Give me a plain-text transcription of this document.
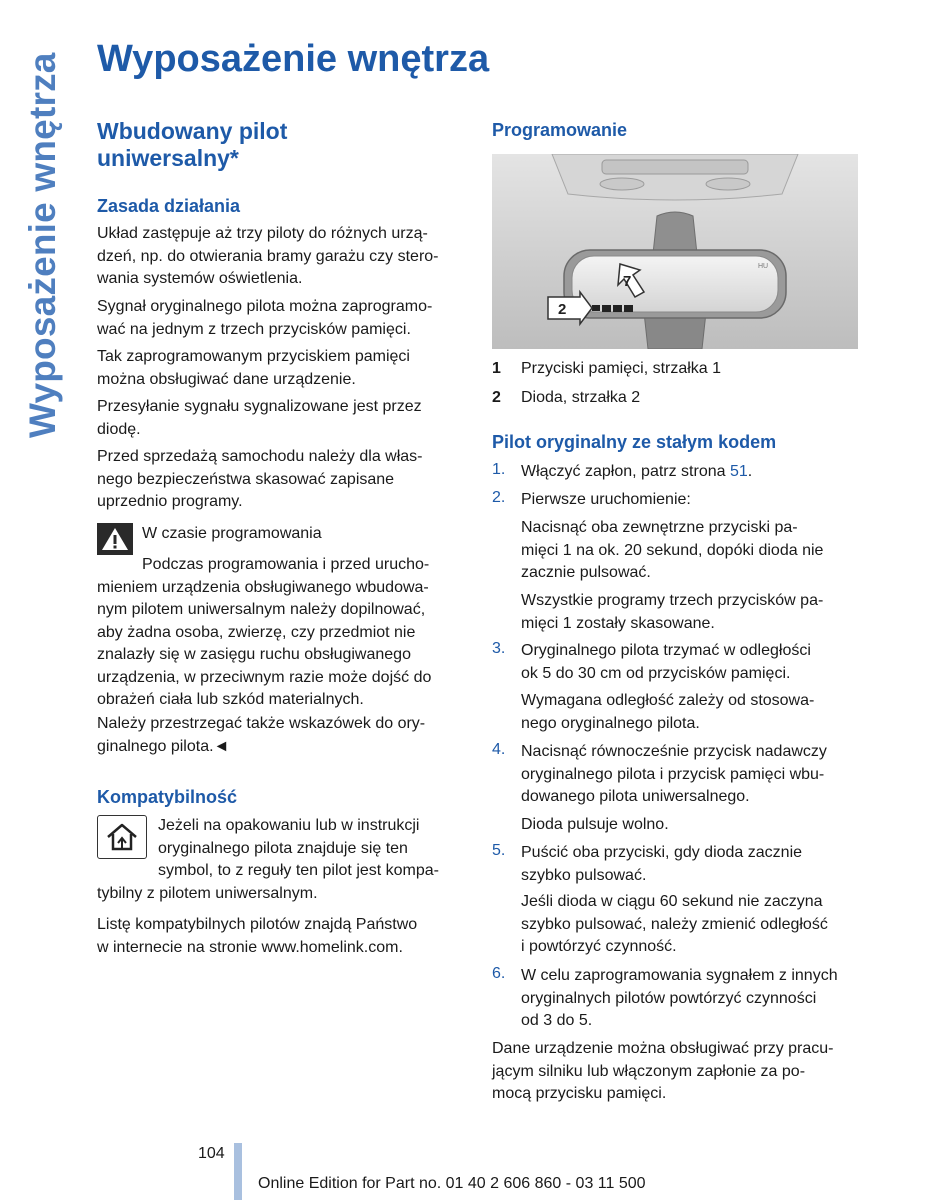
Wyposażenie wnętrza Wyposażenie wnętrza
Wbudowany pilot
uniwersalny*
Zasada działania
Układ zastępuje aż trzy piloty do różnych urzą-
dzeń, np. do otwierania bramy garażu czy stero-
wania systemów oświetlenia.
Sygnał oryginalnego pilota można zaprogramo-
wać na jednym z trzech przycisków pamięci.
Tak zaprogramowanym przyciskiem pamięci
można obsługiwać dane urządzenie.
Przesyłanie sygnału sygnalizowane jest przez
diodę.
Przed sprzedażą samochodu należy dla włas-
nego bezpieczeństwa skasować zapisane
uprzednio programy.
W czasie programowania
Podczas programowania i przed urucho-
mieniem urządzenia obsługiwanego wbudowa-
nym pilotem uniwersalnym należy dopilnować,
aby żadna osoba, zwierzę, czy przedmiot nie
znalazły się w zasięgu ruchu obsługiwanego
urządzenia, w przeciwnym razie może dojść do
obrażeń ciała lub szkód materialnych.
Należy przestrzegać także wskazówek do ory-
ginalnego pilota.◄
Kompatybilność
Jeżeli na opakowaniu lub w instrukcji
oryginalnego pilota znajduje się ten
symbol, to z reguły ten pilot jest kompa-
tybilny z pilotem uniwersalnym.
Listę kompatybilnych pilotów znajdą Państwo
w internecie na stronie www.homelink.com.
Programowanie
HU
7
2
1 Przyciski pamięci, strzałka 1
2 Dioda, strzałka 2
Pilot oryginalny ze stałym kodem
1. Włączyć zapłon, patrz strona 51.
2. Pierwsze uruchomienie:
Nacisnąć oba zewnętrzne przyciski pa-
mięci 1 na ok. 20 sekund, dopóki dioda nie
zacznie pulsować.
Wszystkie programy trzech przycisków pa-
mięci 1 zostały skasowane.
3. Oryginalnego pilota trzymać w odległości
ok 5 do 30 cm od przycisków pamięci.
Wymagana odległość zależy od stosowa-
nego oryginalnego pilota.
4. Nacisnąć równocześnie przycisk nadawczy
oryginalnego pilota i przycisk pamięci wbu-
dowanego pilota uniwersalnego.
Dioda pulsuje wolno.
5. Puścić oba przyciski, gdy dioda zacznie
szybko pulsować.
Jeśli dioda w ciągu 60 sekund nie zaczyna
szybko pulsować, należy zmienić odległość
i powtórzyć czynność.
6. W celu zaprogramowania sygnałem z innych
oryginalnych pilotów powtórzyć czynności
od 3 do 5.
Dane urządzenie można obsługiwać przy pracu-
jącym silniku lub włączonym zapłonie za po-
mocą przycisku pamięci.
104
Online Edition for Part no. 01 40 2 606 860 - 03 11 500
